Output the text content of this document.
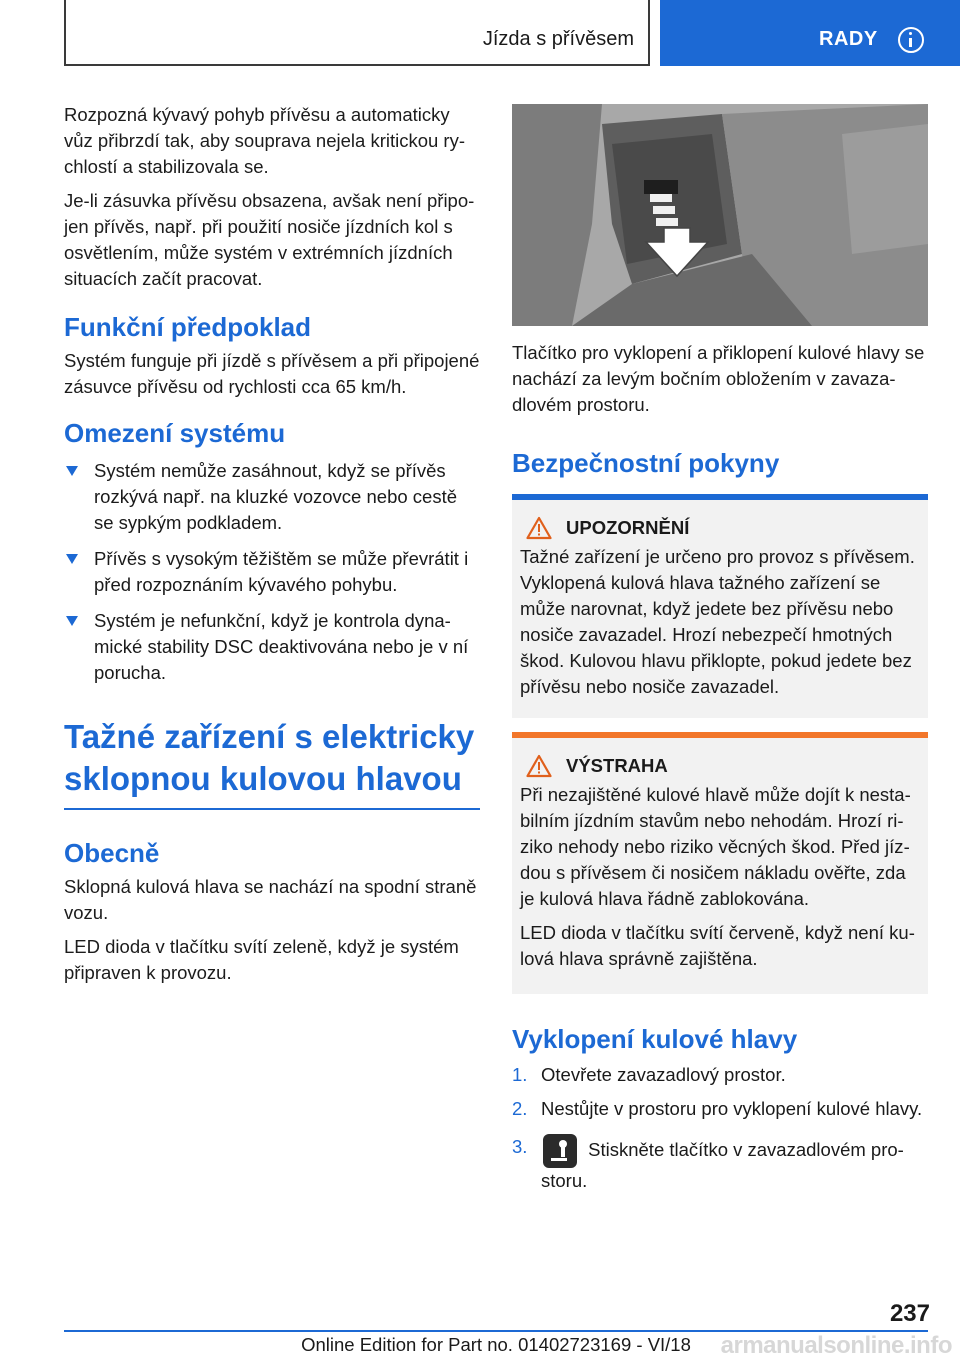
Jízda s přívěsem	RADY

Rozpozná kývavý pohyb přívěsu a automaticky vůz přibrzdí tak, aby souprava nejela kritickou rychlostí a stabilizovala se.

Je-li zásuvka přívěsu obsazena, avšak není připojen přívěs, např. při použití nosiče jízdních kol s osvětlením, může systém v extrémních jízdních situacích začít pracovat.

Funkční předpoklad

Systém funguje při jízdě s přívěsem a při připojené zásuvce přívěsu od rychlosti cca 65 km/h.

Omezení systému
Systém nemůže zasáhnout, když se přívěs rozkývá např. na kluzké vozovce nebo cestě se sypkým podkladem.
Přívěs s vysokým těžištěm se může převrátit i před rozpoznáním kývavého pohybu.
Systém je nefunkční, když je kontrola dynamické stability DSC deaktivována nebo je v ní porucha.
Tažné zařízení s elektricky
sklopnou kulovou hlavou
Obecně

Sklopná kulová hlava se nachází na spodní straně vozu.

LED dioda v tlačítku svítí zeleně, když je systém připraven k provozu.

Tlačítko pro vyklopení a přiklopení kulové hlavy se nachází za levým bočním obložením v zavazadlovém prostoru.

Bezpečnostní pokyny
UPOZORNĚNÍ
Tažné zařízení je určeno pro provoz s přívěsem. Vyklopená kulová hlava tažného zařízení se může narovnat, když jedete bez přívěsu nebo nosiče zavazadel. Hrozí nebezpečí hmotných škod. Kulovou hlavu přiklopte, pokud jedete bez přívěsu nebo nosiče zavazadel.
VÝSTRAHA
Při nezajištěné kulové hlavě může dojít k nestabilním jízdním stavům nebo nehodám. Hrozí riziko nehody nebo riziko věcných škod. Před jízdou s přívěsem či nosičem nákladu ověřte, zda je kulová hlava řádně zablokována.
LED dioda v tlačítku svítí červeně, když není kulová hlava správně zajištěna.
Vyklopení kulové hlavy
1. Otevřete zavazadlový prostor.
2. Nestůjte v prostoru pro vyklopení kulové hlavy.
3.	Stiskněte tlačítko v zavazadlovém prostoru.
237
Online Edition for Part no. 01402723169 - VI/18	armanualsonline.info
